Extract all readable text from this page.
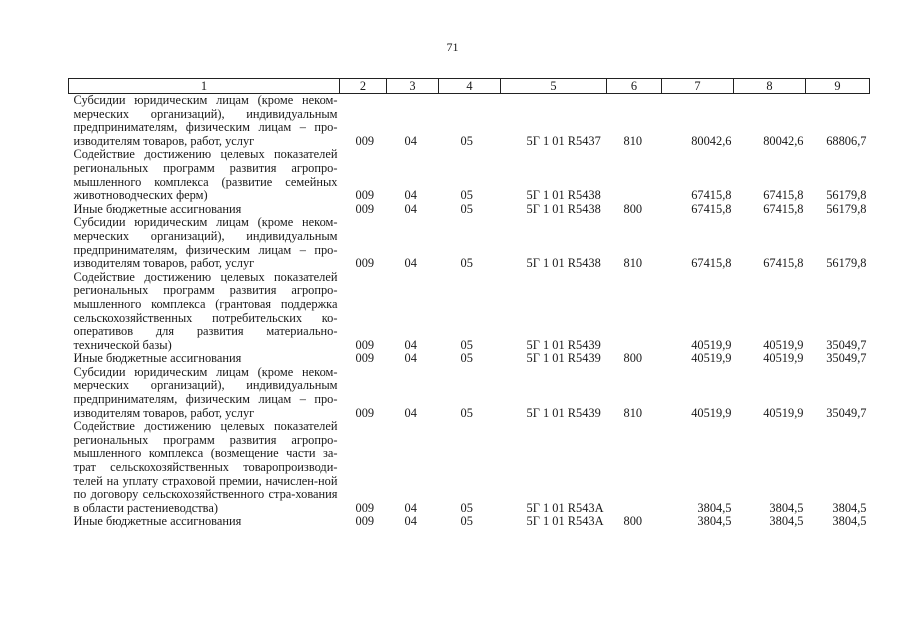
71
1	2	3	4	5	6	7	8	9
Субсидии юридическим лицам (кроме неком-мерческих организаций), индивидуальным предпринимателям, физическим лицам – про-изводителям товаров, работ, услуг	009	04	05	5Г 1 01 R5437	810	80042,6	80042,6	68806,7
Содействие достижению целевых показателей региональных программ развития агропро-мышленного комплекса (развитие семейных животноводческих ферм)	009	04	05	5Г 1 01 R5438		67415,8	67415,8	56179,8
Иные бюджетные ассигнования	009	04	05	5Г 1 01 R5438	800	67415,8	67415,8	56179,8
Субсидии юридическим лицам (кроме неком-мерческих организаций), индивидуальным предпринимателям, физическим лицам – про-изводителям товаров, работ, услуг	009	04	05	5Г 1 01 R5438	810	67415,8	67415,8	56179,8
Содействие достижению целевых показателей региональных программ развития агропро-мышленного комплекса (грантовая поддержка сельскохозяйственных потребительских ко-оперативов для развития материально-технической базы)	009	04	05	5Г 1 01 R5439		40519,9	40519,9	35049,7
Иные бюджетные ассигнования	009	04	05	5Г 1 01 R5439	800	40519,9	40519,9	35049,7
Субсидии юридическим лицам (кроме неком-мерческих организаций), индивидуальным предпринимателям, физическим лицам – про-изводителям товаров, работ, услуг	009	04	05	5Г 1 01 R5439	810	40519,9	40519,9	35049,7
Содействие достижению целевых показателей региональных программ развития агропро-мышленного комплекса (возмещение части за-трат сельскохозяйственных товаропроизводи-телей на уплату страховой премии, начислен-ной по договору сельскохозяйственного стра-хования в области растениеводства)	009	04	05	5Г 1 01 R543A		3804,5	3804,5	3804,5
Иные бюджетные ассигнования	009	04	05	5Г 1 01 R543A	800	3804,5	3804,5	3804,5
